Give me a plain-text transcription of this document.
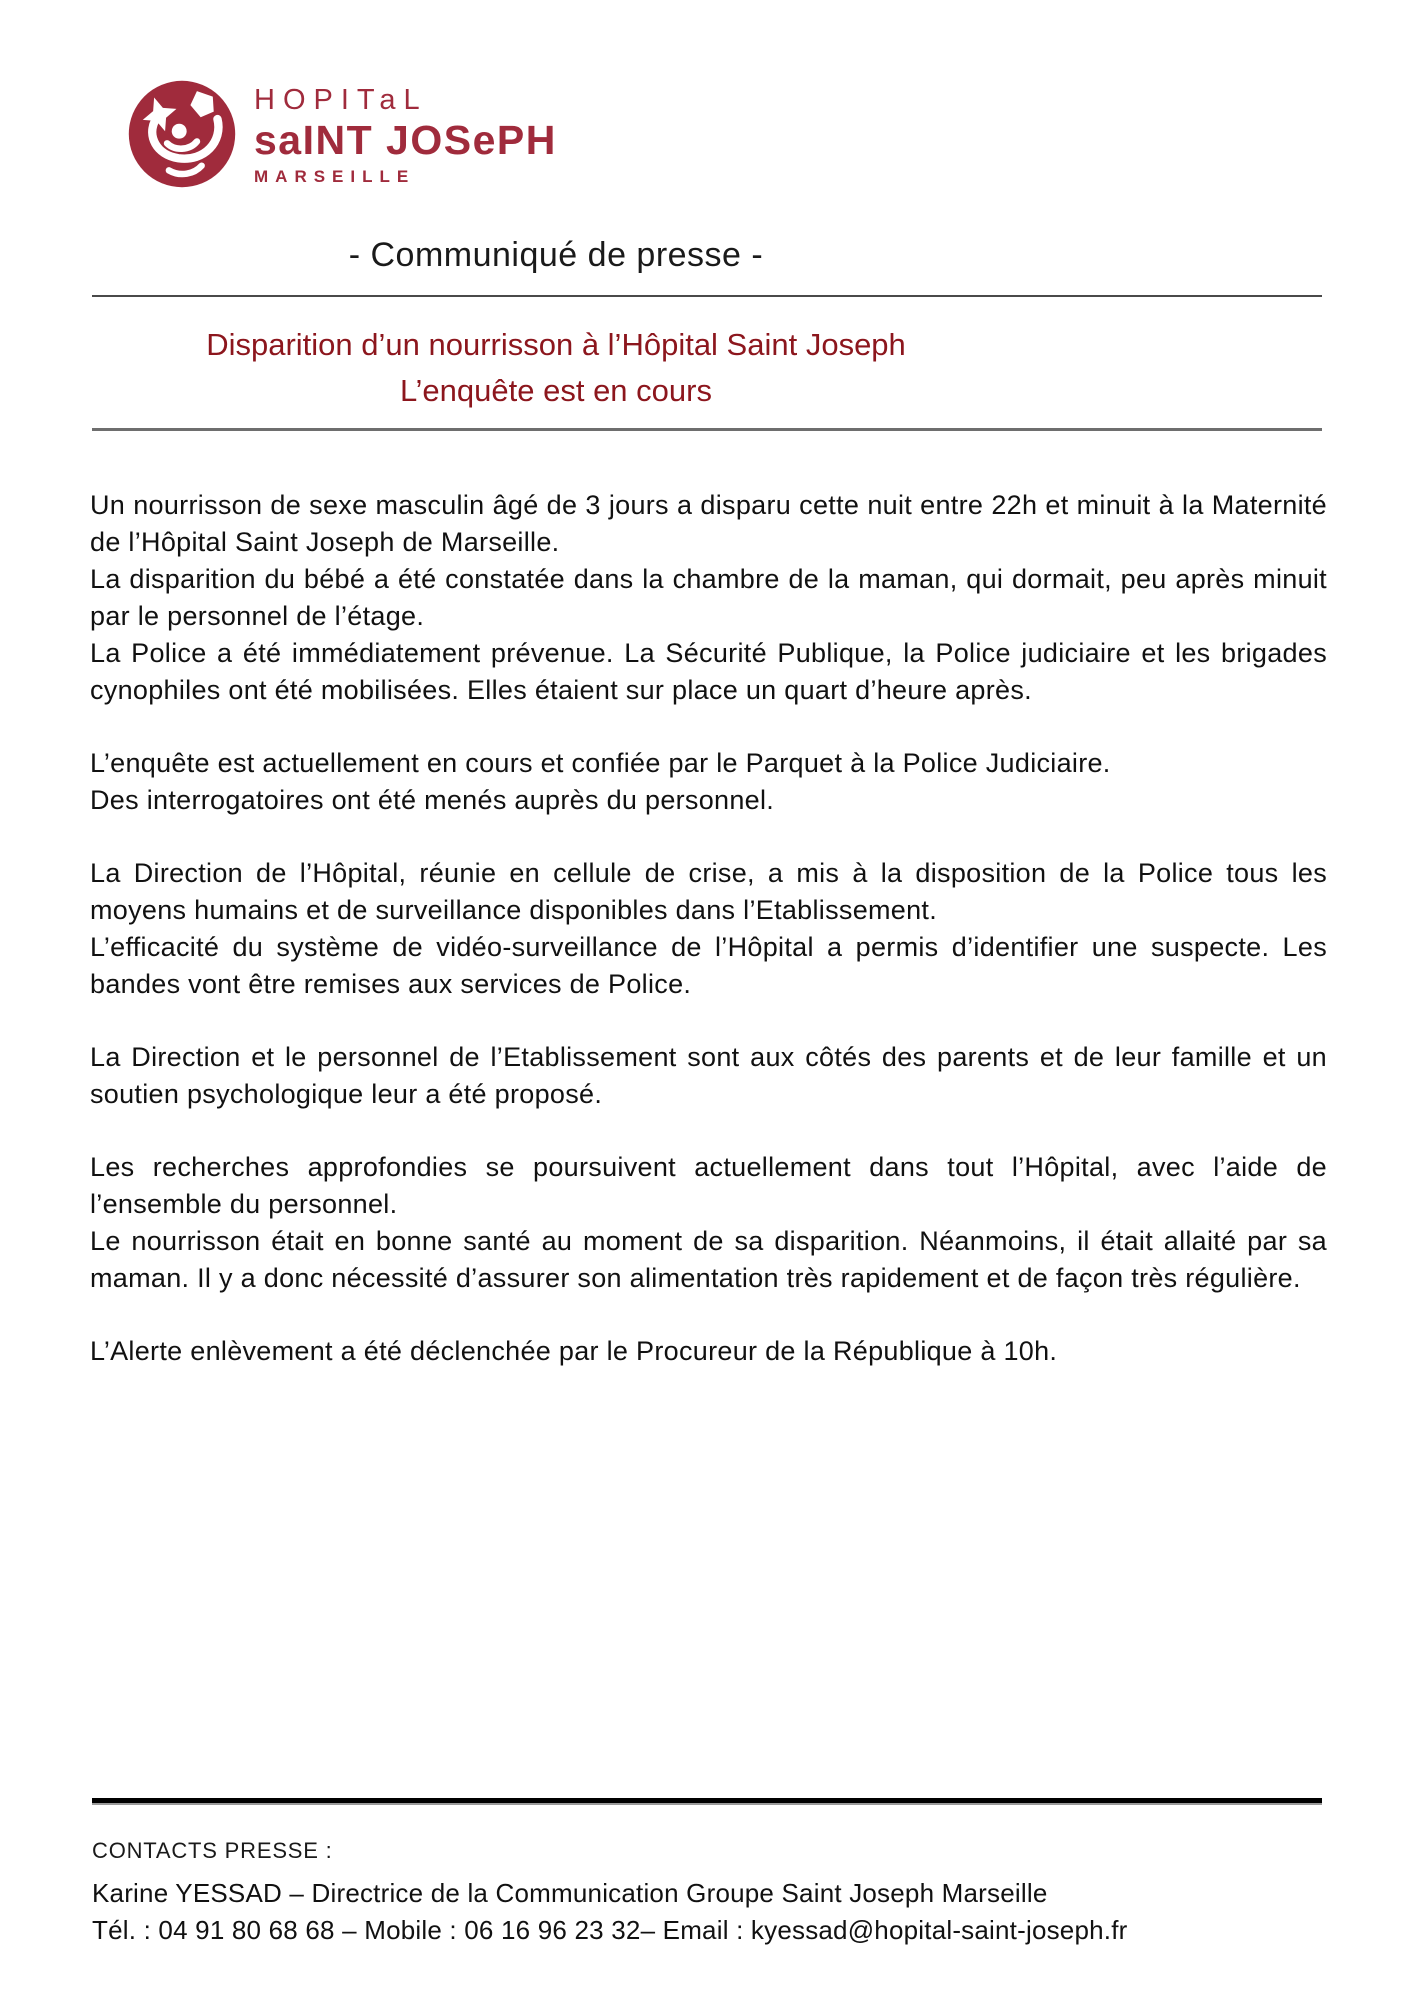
HOPITaL
saINT JOSePH
MARSEILLE
- Communiqué de presse -
Disparition d’un nourrisson à l’Hôpital Saint Joseph
L’enquête est en cours

Un nourrisson de sexe masculin âgé de 3 jours a disparu cette nuit entre 22h et minuit à la Maternité de l’Hôpital Saint Joseph de Marseille.

La disparition du bébé a été constatée dans la chambre de la maman, qui dormait, peu après minuit par le personnel de l’étage.

La Police a été immédiatement prévenue. La Sécurité Publique, la Police judiciaire et les brigades cynophiles ont été mobilisées. Elles étaient sur place un quart d’heure après.

L’enquête est actuellement en cours et confiée par le Parquet à la Police Judiciaire.

Des interrogatoires ont été menés auprès du personnel.

La Direction de l’Hôpital, réunie en cellule de crise, a mis à la disposition de la Police tous les moyens humains et de surveillance disponibles dans l’Etablissement.

L’efficacité du système de vidéo-surveillance de l’Hôpital a permis d’identifier une suspecte. Les bandes vont être remises aux services de Police.

La Direction et le personnel de l’Etablissement sont aux côtés des parents et de leur famille et un soutien psychologique leur a été proposé.

Les recherches approfondies se poursuivent actuellement dans tout l’Hôpital, avec l’aide de l’ensemble du personnel.

Le nourrisson était en bonne santé au moment de sa disparition. Néanmoins, il était allaité par sa maman. Il y a donc nécessité d’assurer son alimentation très rapidement et de façon très régulière.

L’Alerte enlèvement a été déclenchée par le Procureur de la République à 10h.

CONTACTS PRESSE :
Karine YESSAD – Directrice de la Communication Groupe Saint Joseph Marseille
Tél. : 04 91 80 68 68 – Mobile : 06 16 96 23 32– Email : kyessad@hopital-saint-joseph.fr
